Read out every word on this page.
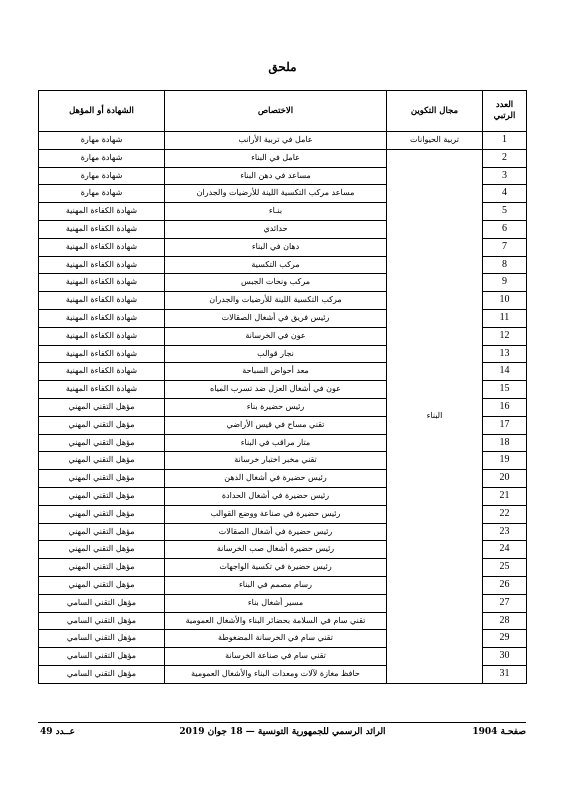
ملحق
العدد
الرتبي	مجال التكوين	الاختصاص	الشهادة أو المؤهل
1	تربية الحيوانات	عامل في تربية الأرانب	شهادة مهارة
2	البناء	عامل في البناء	شهادة مهارة
3		مساعد في دهن البناء	شهادة مهارة
4		مساعد مركب التكسية اللينة للأرضيات والجدران	شهادة مهارة
5		بنـاء	شهادة الكفاءة المهنية
6		حدائدي	شهادة الكفاءة المهنية
7		دهان في البناء	شهادة الكفاءة المهنية
8		مركب التكسية	شهادة الكفاءة المهنية
9		مركب ونحات الجبس	شهادة الكفاءة المهنية
10		مركب التكسية اللينة للأرضيات والجدران	شهادة الكفاءة المهنية
11		رئيس فريق في أشغال الصقالات	شهادة الكفاءة المهنية
12		عون في الخرسانة	شهادة الكفاءة المهنية
13		نجار قوالب	شهادة الكفاءة المهنية
14		معد أحواض السباحة	شهادة الكفاءة المهنية
15		عون في أشغال العزل ضد تسرب المياه	شهادة الكفاءة المهنية
16		رئيس حضيرة بناء	مؤهل التقني المهني
17		تقني مساح في قيس الأراضي	مؤهل التقني المهني
18		متار مراقب في البناء	مؤهل التقني المهني
19		تقني مخبر اختبار خرسانة	مؤهل التقني المهني
20		رئيس حضيرة في أشغال الدهن	مؤهل التقني المهني
21		رئيس حضيرة في أشغال الحدادة	مؤهل التقني المهني
22		رئيس حضيرة في صناعة ووضع القوالب	مؤهل التقني المهني
23		رئيس حضيرة في أشغال الصقالات	مؤهل التقني المهني
24		رئيس حضيرة أشغال صب الخرسانة	مؤهل التقني المهني
25		رئيس حضيرة في تكسية الواجهات	مؤهل التقني المهني
26		رسام مصمم في البناء	مؤهل التقني المهني
27		مسير أشغال بناء	مؤهل التقني السامي
28		تقني سام في السلامة بحضائر البناء والأشغال العمومية	مؤهل التقني السامي
29		تقني سام في الخرسانة المضغوطة	مؤهل التقني السامي
30		تقني سام في صناعة الخرسانة	مؤهل التقني السامي
31		حافظ مغازة لآلات ومعدات البناء والأشغال العمومية	مؤهل التقني السامي
صفحـة 1904
الرائد الرسمي للجمهورية التونسية — 18 جوان 2019
عــدد 49
